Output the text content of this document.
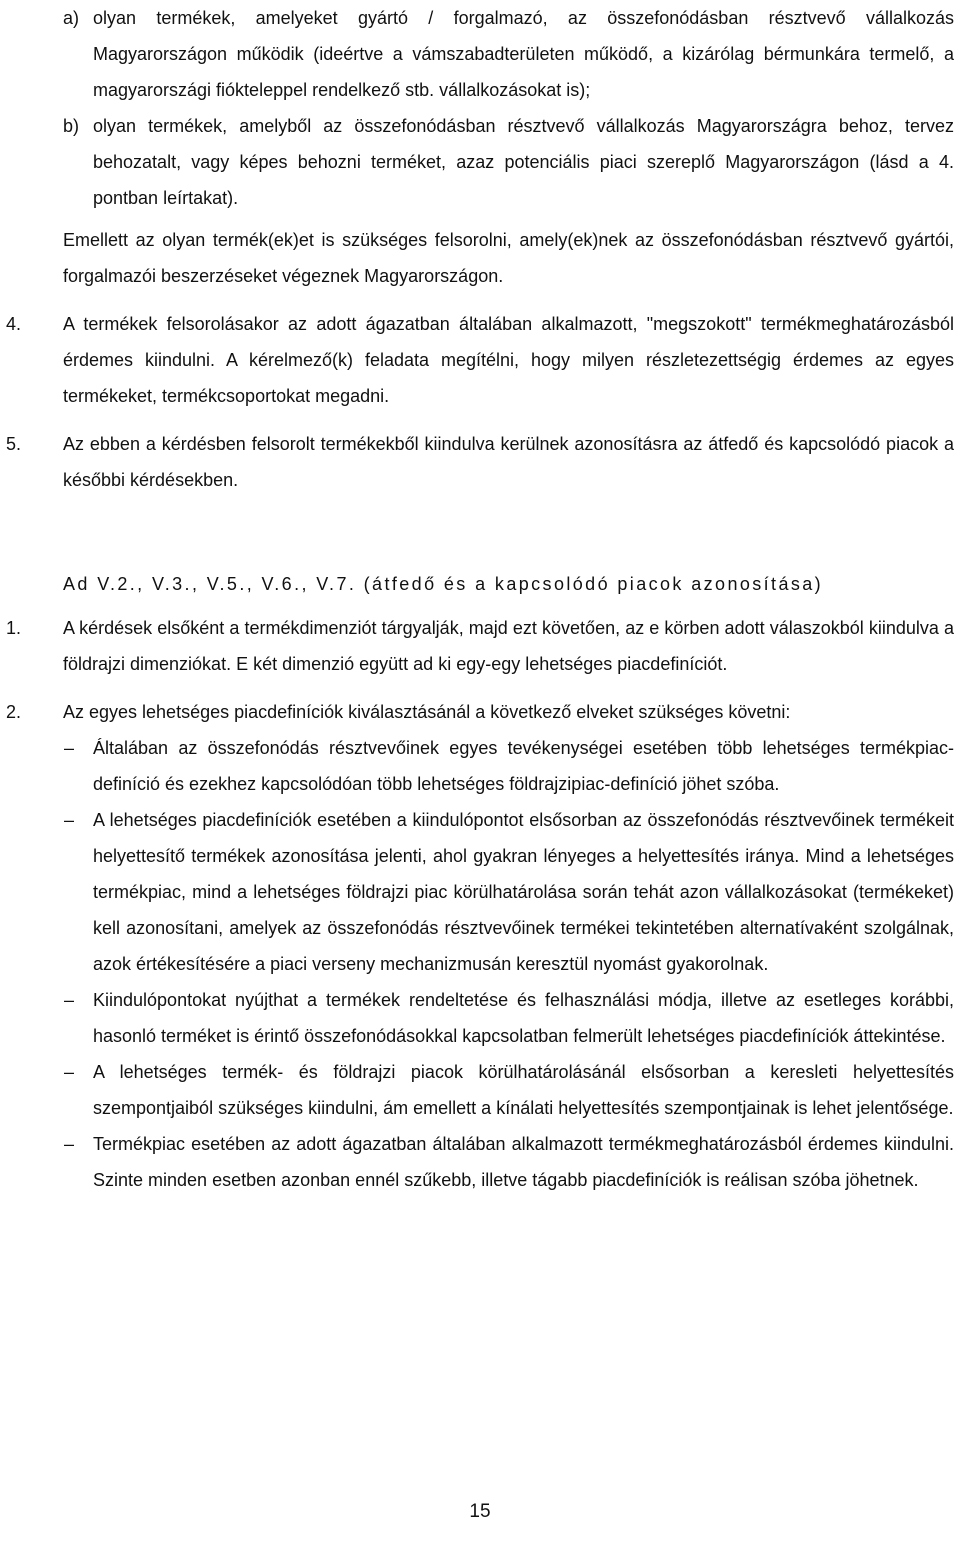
a) olyan termékek, amelyeket gyártó / forgalmazó, az összefonódásban résztvevő vállalkozás Magyarországon működik (ideértve a vámszabadterületen működő, a kizárólag bérmunkára termelő, a magyarországi fiókteleppel rendelkező stb. vállalkozásokat is);
b) olyan termékek, amelyből az összefonódásban résztvevő vállalkozás Magyarországra behoz, tervez behozatalt, vagy képes behozni terméket, azaz potenciális piaci szereplő Magyarországon (lásd a 4. pontban leírtakat).
Emellett az olyan termék(ek)et is szükséges felsorolni, amely(ek)nek az összefonódásban résztvevő gyártói, forgalmazói beszerzéseket végeznek Magyarországon.
4. A termékek felsorolásakor az adott ágazatban általában alkalmazott, "megszokott" termékmeghatározásból érdemes kiindulni. A kérelmező(k) feladata megítélni, hogy milyen részletezettségig érdemes az egyes termékeket, termékcsoportokat megadni.
5. Az ebben a kérdésben felsorolt termékekből kiindulva kerülnek azonosításra az átfedő és kapcsolódó piacok a későbbi kérdésekben.
Ad V.2., V.3., V.5., V.6., V.7. (átfedő és a kapcsolódó piacok azonosítása)
1. A kérdések elsőként a termékdimenziót tárgyalják, majd ezt követően, az e körben adott válaszokból kiindulva a földrajzi dimenziókat. E két dimenzió együtt ad ki egy-egy lehetséges piacdefiníciót.
2. Az egyes lehetséges piacdefiníciók kiválasztásánál a következő elveket szükséges követni:
–	Általában az összefonódás résztvevőinek egyes tevékenységei esetében több lehetséges termékpiac-definíció és ezekhez kapcsolódóan több lehetséges földrajzipiac-definíció jöhet szóba.
–	A lehetséges piacdefiníciók esetében a kiindulópontot elsősorban az összefonódás résztvevőinek termékeit helyettesítő termékek azonosítása jelenti, ahol gyakran lényeges a helyettesítés iránya. Mind a lehetséges termékpiac, mind a lehetséges földrajzi piac körülhatárolása során tehát azon vállalkozásokat (termékeket) kell azonosítani, amelyek az összefonódás résztvevőinek termékei tekintetében alternatívaként szolgálnak, azok értékesítésére a piaci verseny mechanizmusán keresztül nyomást gyakorolnak.
–	Kiindulópontokat nyújthat a termékek rendeltetése és felhasználási módja, illetve az esetleges korábbi, hasonló terméket is érintő összefonódásokkal kapcsolatban felmerült lehetséges piacdefiníciók áttekintése.
–	A lehetséges termék- és földrajzi piacok körülhatárolásánál elsősorban a keresleti helyettesítés szempontjaiból szükséges kiindulni, ám emellett a kínálati helyettesítés szempontjainak is lehet jelentősége.
–	Termékpiac esetében az adott ágazatban általában alkalmazott termékmeghatározásból érdemes kiindulni. Szinte minden esetben azonban ennél szűkebb, illetve tágabb piacdefiníciók is reálisan szóba jöhetnek.
15
